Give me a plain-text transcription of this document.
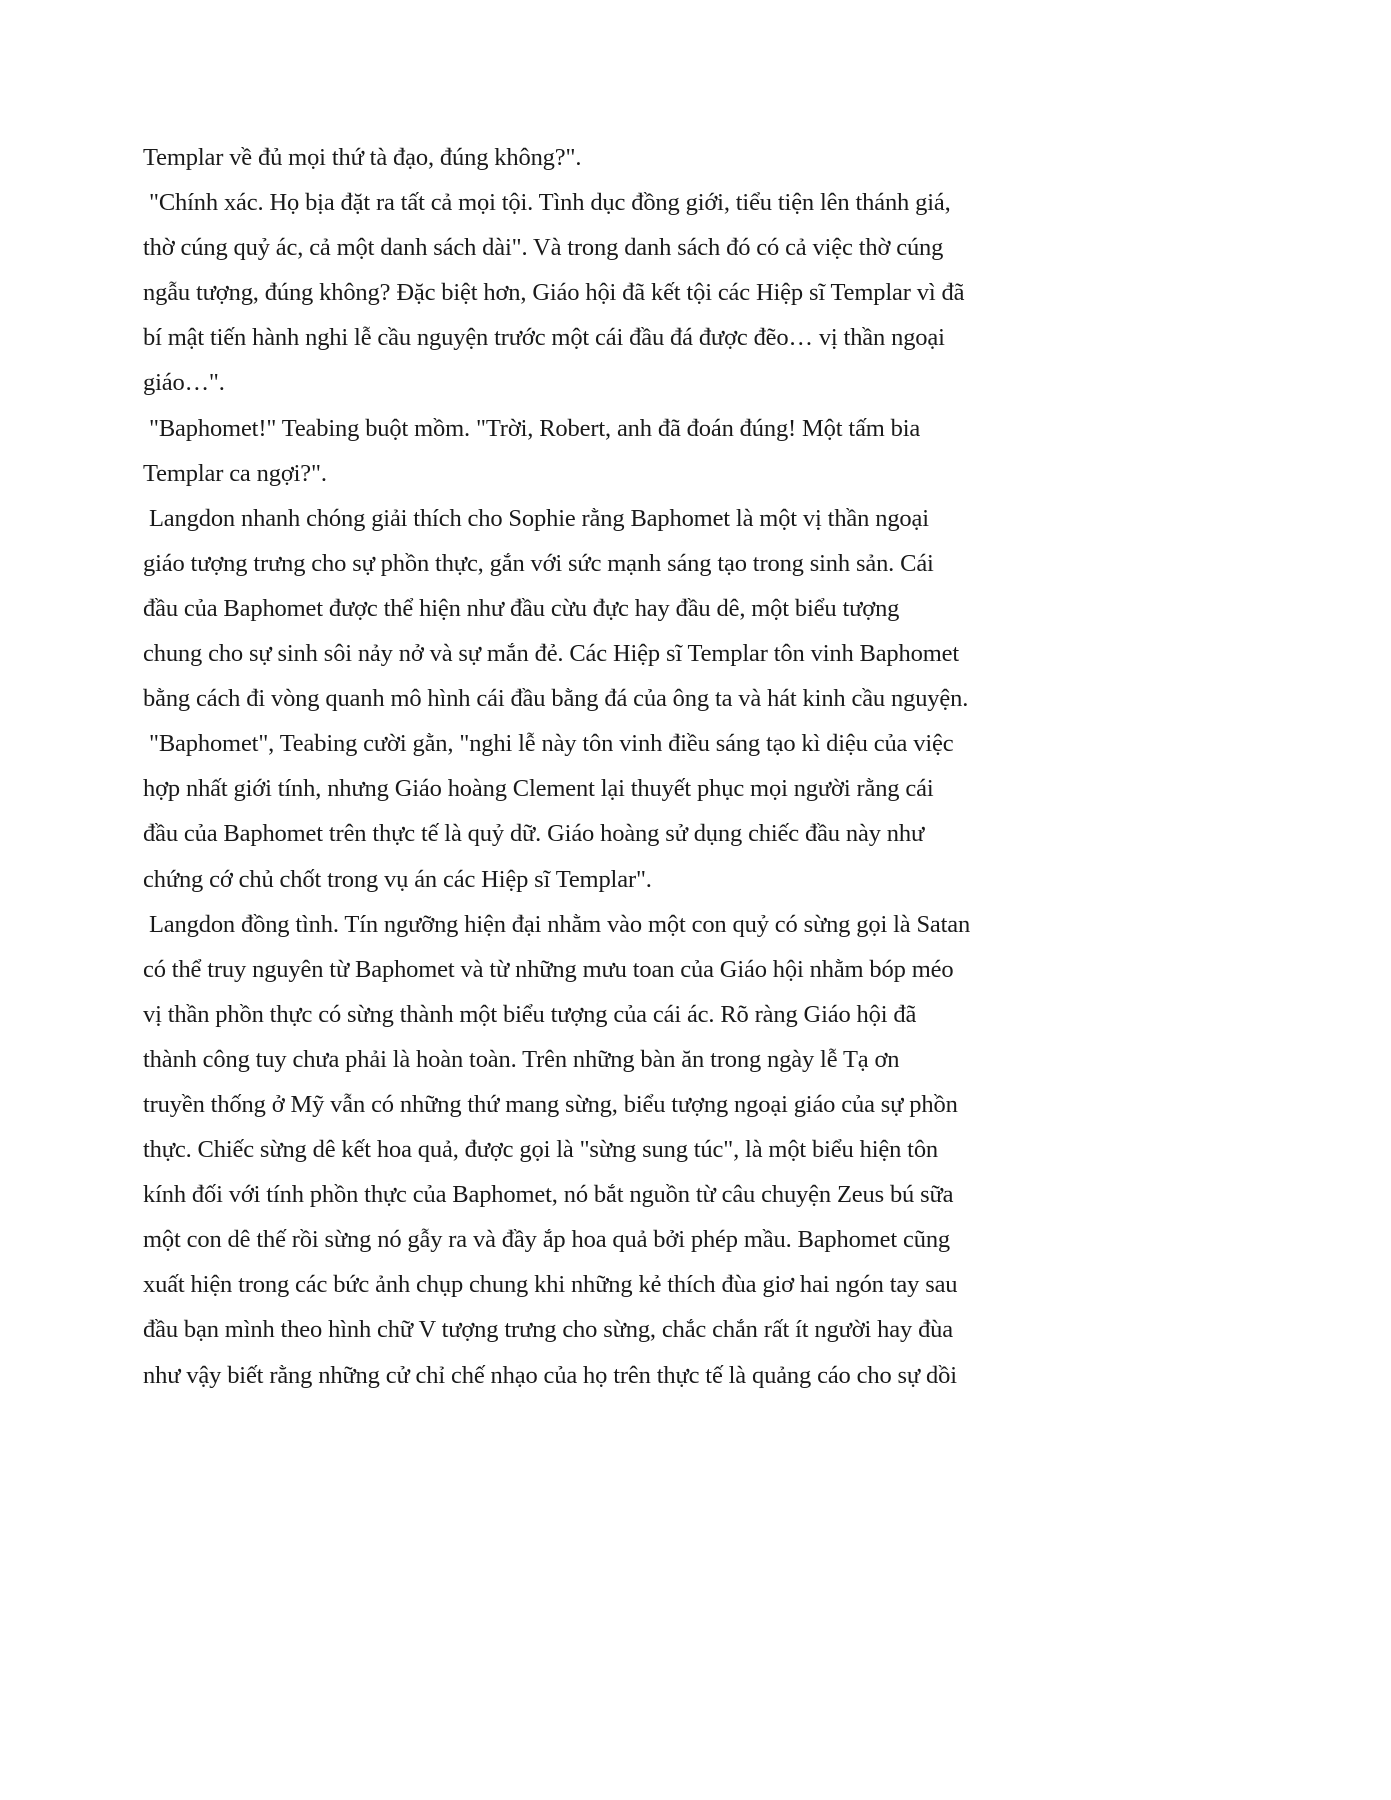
Templar về đủ mọi thứ tà đạo, đúng không?".
"Chính xác. Họ bịa đặt ra tất cả mọi tội. Tình dục đồng giới, tiểu tiện lên thánh giá,
thờ cúng quỷ ác, cả một danh sách dài". Và trong danh sách đó có cả việc thờ cúng
ngẫu tượng, đúng không? Đặc biệt hơn, Giáo hội đã kết tội các Hiệp sĩ Templar vì đã
bí mật tiến hành nghi lễ cầu nguyện trước một cái đầu đá được đẽo… vị thần ngoại
giáo…".
"Baphomet!" Teabing buột mồm. "Trời, Robert, anh đã đoán đúng! Một tấm bia
Templar ca ngợi?".
Langdon nhanh chóng giải thích cho Sophie rằng Baphomet là một vị thần ngoại
giáo tượng trưng cho sự phồn thực, gắn với sức mạnh sáng tạo trong sinh sản. Cái
đầu của Baphomet được thể hiện như đầu cừu đực hay đầu dê, một biểu tượng
chung cho sự sinh sôi nảy nở và sự mắn đẻ. Các Hiệp sĩ Templar tôn vinh Baphomet
bằng cách đi vòng quanh mô hình cái đầu bằng đá của ông ta và hát kinh cầu nguyện.
"Baphomet", Teabing cười gằn, "nghi lễ này tôn vinh điều sáng tạo kì diệu của việc
hợp nhất giới tính, nhưng Giáo hoàng Clement lại thuyết phục mọi người rằng cái
đầu của Baphomet trên thực tế là quỷ dữ. Giáo hoàng sử dụng chiếc đầu này như
chứng cớ chủ chốt trong vụ án các Hiệp sĩ Templar".
Langdon đồng tình. Tín ngưỡng hiện đại nhằm vào một con quỷ có sừng gọi là Satan
có thể truy nguyên từ Baphomet và từ những mưu toan của Giáo hội nhằm bóp méo
vị thần phồn thực có sừng thành một biểu tượng của cái ác. Rõ ràng Giáo hội đã
thành công tuy chưa phải là hoàn toàn. Trên những bàn ăn trong ngày lễ Tạ ơn
truyền thống ở Mỹ vẫn có những thứ mang sừng, biểu tượng ngoại giáo của sự phồn
thực. Chiếc sừng dê kết hoa quả, được gọi là "sừng sung túc", là một biểu hiện tôn
kính đối với tính phồn thực của Baphomet, nó bắt nguồn từ câu chuyện Zeus bú sữa
một con dê thế rồi sừng nó gẫy ra và đầy ắp hoa quả bởi phép mầu. Baphomet cũng
xuất hiện trong các bức ảnh chụp chung khi những kẻ thích đùa giơ hai ngón tay sau
đầu bạn mình theo hình chữ V tượng trưng cho sừng, chắc chắn rất ít người hay đùa
như vậy biết rằng những cử chỉ chế nhạo của họ trên thực tế là quảng cáo cho sự dồi
